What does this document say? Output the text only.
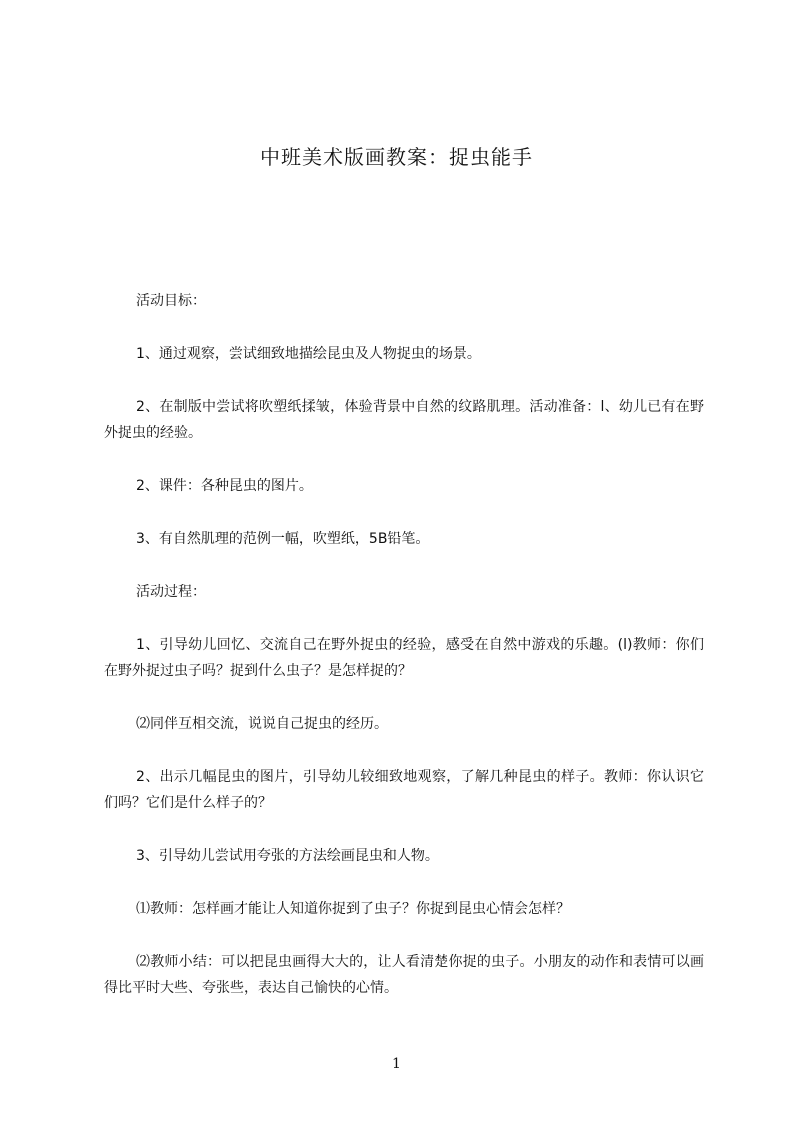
中班美术版画教案：捉虫能手

活动目标：

1、通过观察，尝试细致地描绘昆虫及人物捉虫的场景。

2、在制版中尝试将吹塑纸揉皱，体验背景中自然的纹路肌理。活动准备：l、幼儿已有在野外捉虫的经验。

2、课件：各种昆虫的图片。

3、有自然肌理的范例一幅，吹塑纸，5B铅笔。

活动过程：

1、引导幼儿回忆、交流自己在野外捉虫的经验，感受在自然中游戏的乐趣。(l)教师：你们在野外捉过虫子吗？捉到什么虫子？是怎样捉的？

⑵同伴互相交流，说说自己捉虫的经历。

2、出示几幅昆虫的图片，引导幼儿较细致地观察，了解几种昆虫的样子。教师：你认识它们吗？它们是什么样子的？

3、引导幼儿尝试用夸张的方法绘画昆虫和人物。

⑴教师：怎样画才能让人知道你捉到了虫子？你捉到昆虫心情会怎样？

⑵教师小结：可以把昆虫画得大大的，让人看清楚你捉的虫子。小朋友的动作和表情可以画得比平时大些、夸张些，表达自己愉快的心情。

1
